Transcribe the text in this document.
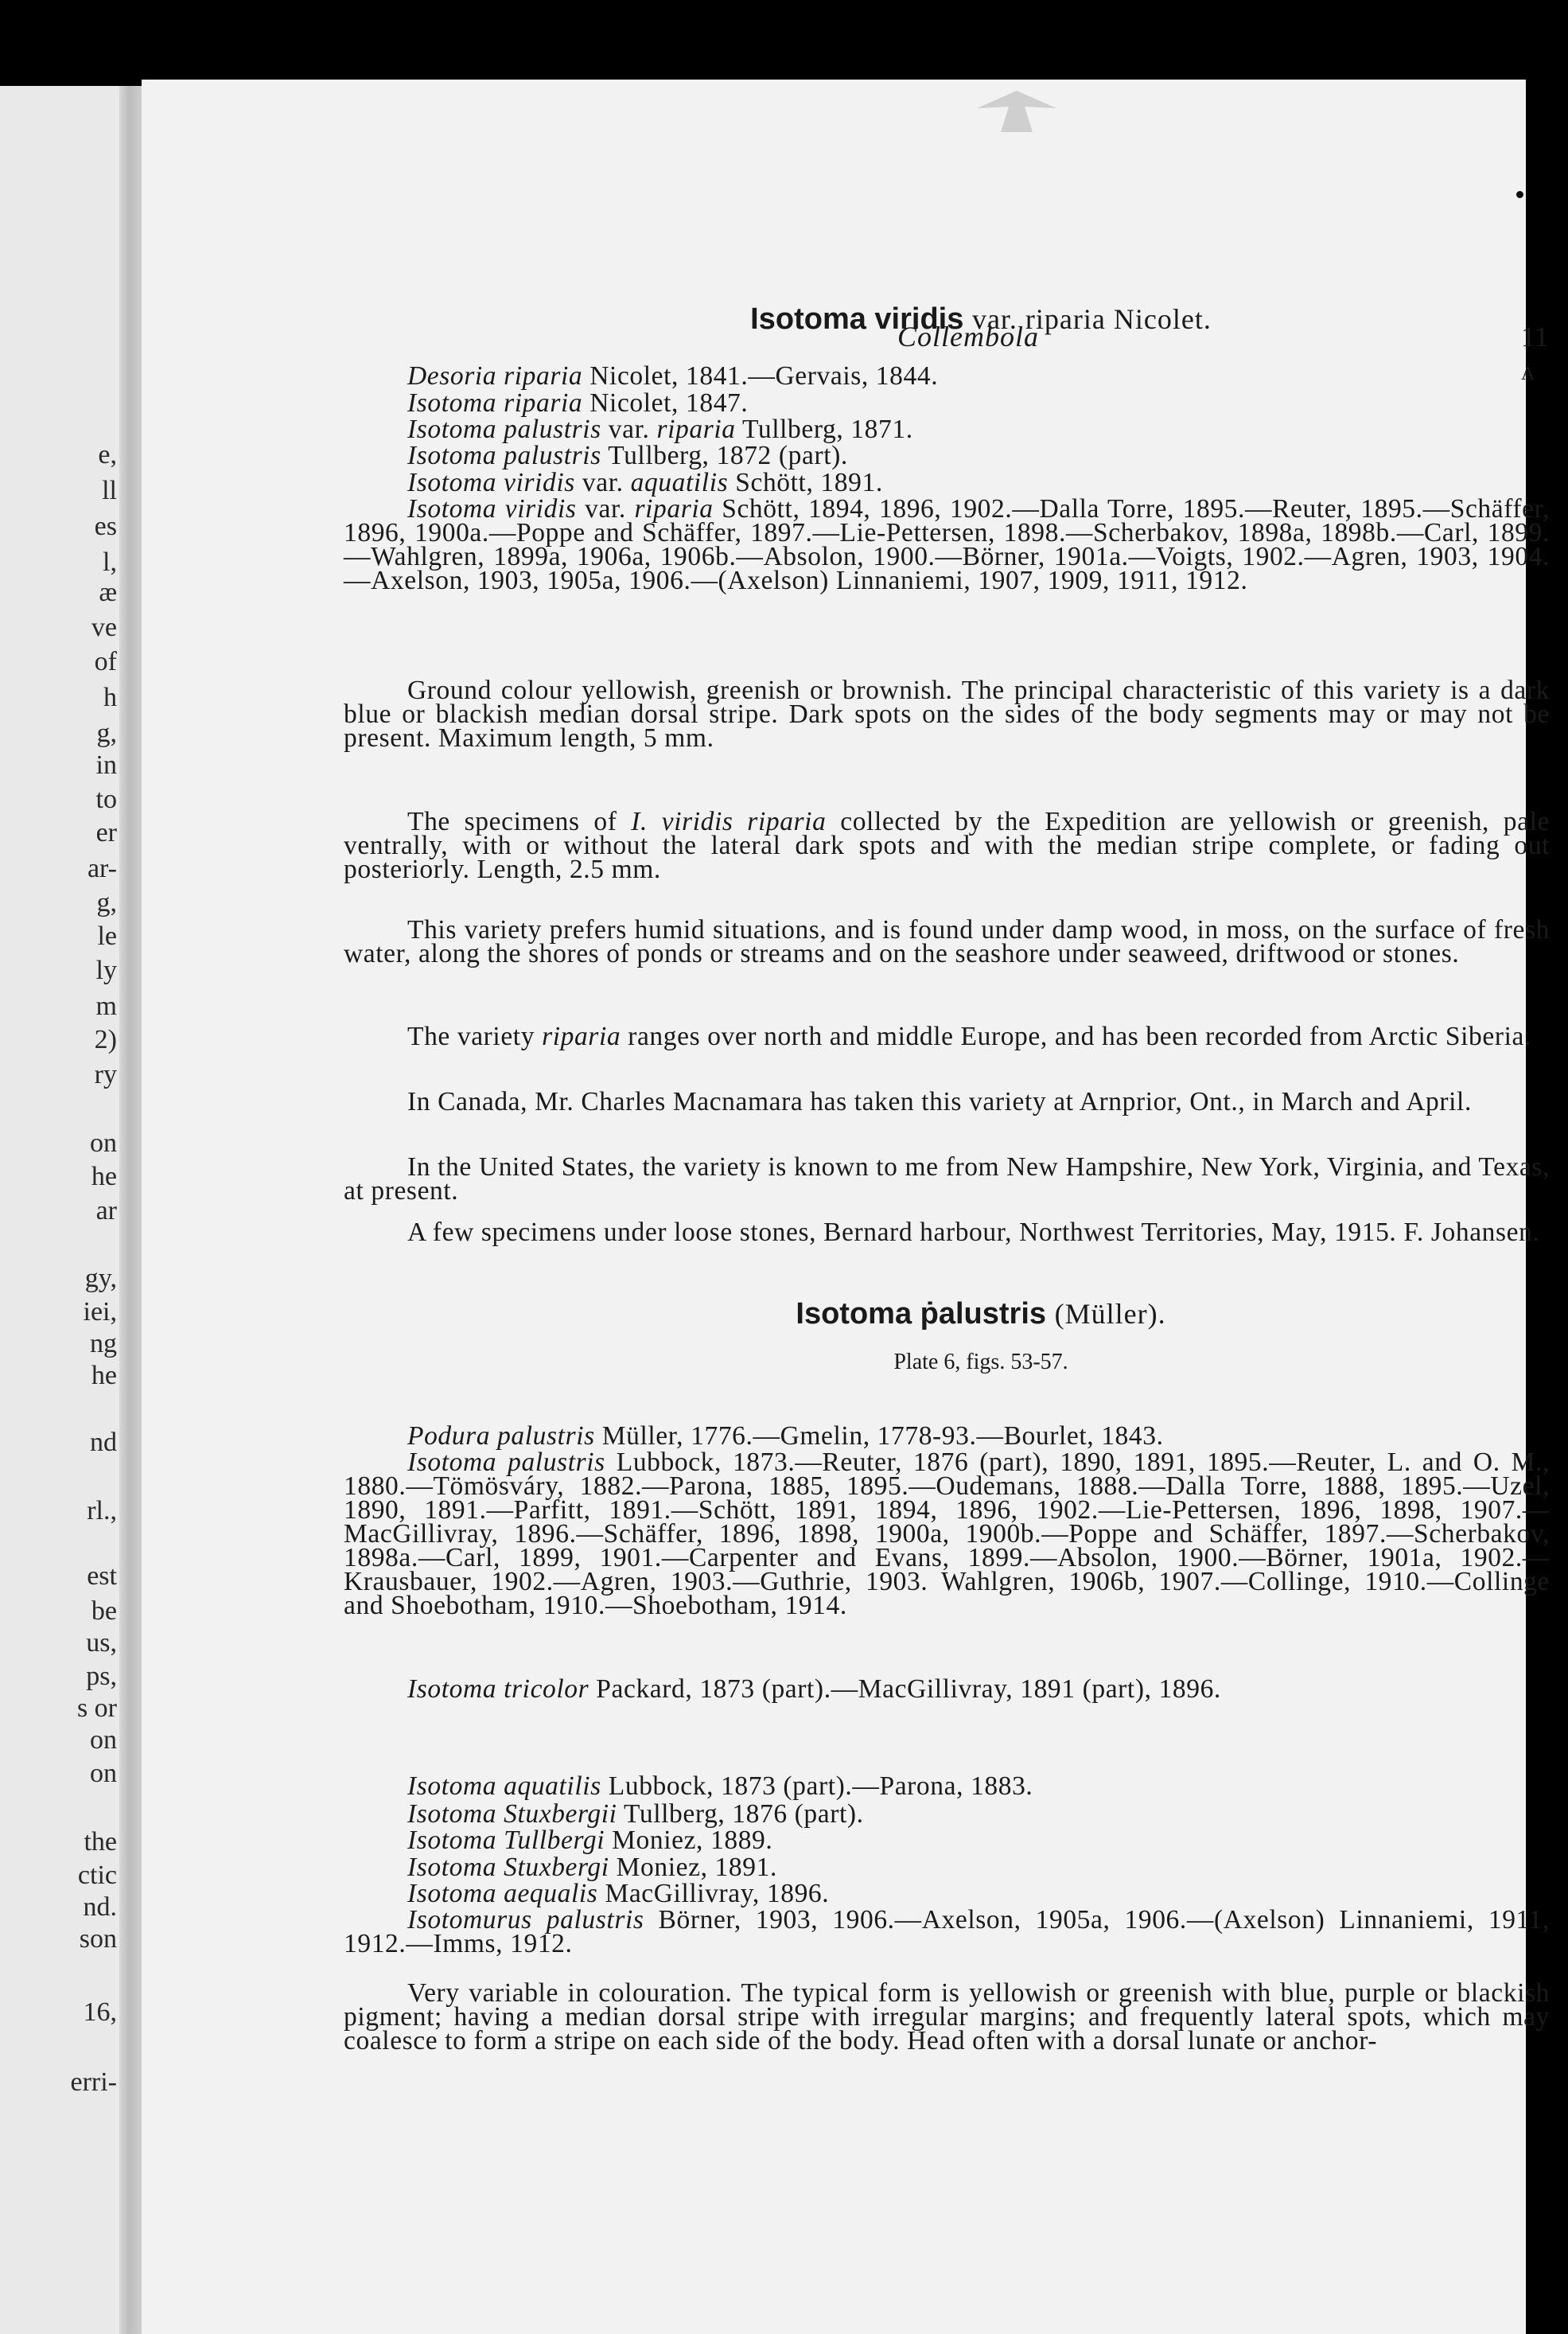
e,
ll
es
l,
æ
ve
of
h
g,
in
to
er
ar-
g,
le
ly
m
2)
ry
on
he
ar
gy,
iei,
ng
he
nd
rl.,
est
be
us,
ps,
s or
on
on
the
ctic
nd.
son
16,
erri-
Collembola	11 A
Isotoma viridis var. riparia Nicolet.
Desoria riparia Nicolet, 1841.—Gervais, 1844.
Isotoma riparia Nicolet, 1847.
Isotoma palustris var. riparia Tullberg, 1871.
Isotoma palustris Tullberg, 1872 (part).
Isotoma viridis var. aquatilis Schött, 1891.
Isotoma viridis var. riparia Schött, 1894, 1896, 1902.—Dalla Torre, 1895.—Reuter, 1895.—Schäffer, 1896, 1900a.—Poppe and Schäffer, 1897.—Lie-Pettersen, 1898.—Scherbakov, 1898a, 1898b.—Carl, 1899.—Wahlgren, 1899a, 1906a, 1906b.—Absolon, 1900.—Börner, 1901a.—Voigts, 1902.—Agren, 1903, 1904.—Axelson, 1903, 1905a, 1906.—(Axelson) Linnaniemi, 1907, 1909, 1911, 1912.
Ground colour yellowish, greenish or brownish. The principal characteristic of this variety is a dark blue or blackish median dorsal stripe. Dark spots on the sides of the body segments may or may not be present. Maximum length, 5 mm.
The specimens of I. viridis riparia collected by the Expedition are yellowish or greenish, pale ventrally, with or without the lateral dark spots and with the median stripe complete, or fading out posteriorly. Length, 2.5 mm.
This variety prefers humid situations, and is found under damp wood, in moss, on the surface of fresh water, along the shores of ponds or streams and on the seashore under seaweed, driftwood or stones.
The variety riparia ranges over north and middle Europe, and has been recorded from Arctic Siberia.
In Canada, Mr. Charles Macnamara has taken this variety at Arnprior, Ont., in March and April.
In the United States, the variety is known to me from New Hampshire, New York, Virginia, and Texas, at present.
A few specimens under loose stones, Bernard harbour, Northwest Territories, May, 1915. F. Johansen.
Isotoma ṗalustris (Müller).
Plate 6, figs. 53-57.
Podura palustris Müller, 1776.—Gmelin, 1778-93.—Bourlet, 1843.
Isotoma palustris Lubbock, 1873.—Reuter, 1876 (part), 1890, 1891, 1895.—Reuter, L. and O. M., 1880.—Tömösváry, 1882.—Parona, 1885, 1895.—Oudemans, 1888.—Dalla Torre, 1888, 1895.—Uzel, 1890, 1891.—Parfitt, 1891.—Schött, 1891, 1894, 1896, 1902.—Lie-Pettersen, 1896, 1898, 1907.—MacGillivray, 1896.—Schäffer, 1896, 1898, 1900a, 1900b.—Poppe and Schäffer, 1897.—Scherbakov, 1898a.—Carl, 1899, 1901.—Carpenter and Evans, 1899.—Absolon, 1900.—Börner, 1901a, 1902.—Krausbauer, 1902.—Agren, 1903.—Guthrie, 1903. Wahlgren, 1906b, 1907.—Collinge, 1910.—Collinge and Shoebotham, 1910.—Shoebotham, 1914.
Isotoma tricolor Packard, 1873 (part).—MacGillivray, 1891 (part), 1896.
Isotoma aquatilis Lubbock, 1873 (part).—Parona, 1883.
Isotoma Stuxbergii Tullberg, 1876 (part).
Isotoma Tullbergi Moniez, 1889.
Isotoma Stuxbergi Moniez, 1891.
Isotoma aequalis MacGillivray, 1896.
Isotomurus palustris Börner, 1903, 1906.—Axelson, 1905a, 1906.—(Axelson) Linnaniemi, 1911, 1912.—Imms, 1912.
Very variable in colouration. The typical form is yellowish or greenish with blue, purple or blackish pigment; having a median dorsal stripe with irregular margins; and frequently lateral spots, which may coalesce to form a stripe on each side of the body. Head often with a dorsal lunate or anchor-
